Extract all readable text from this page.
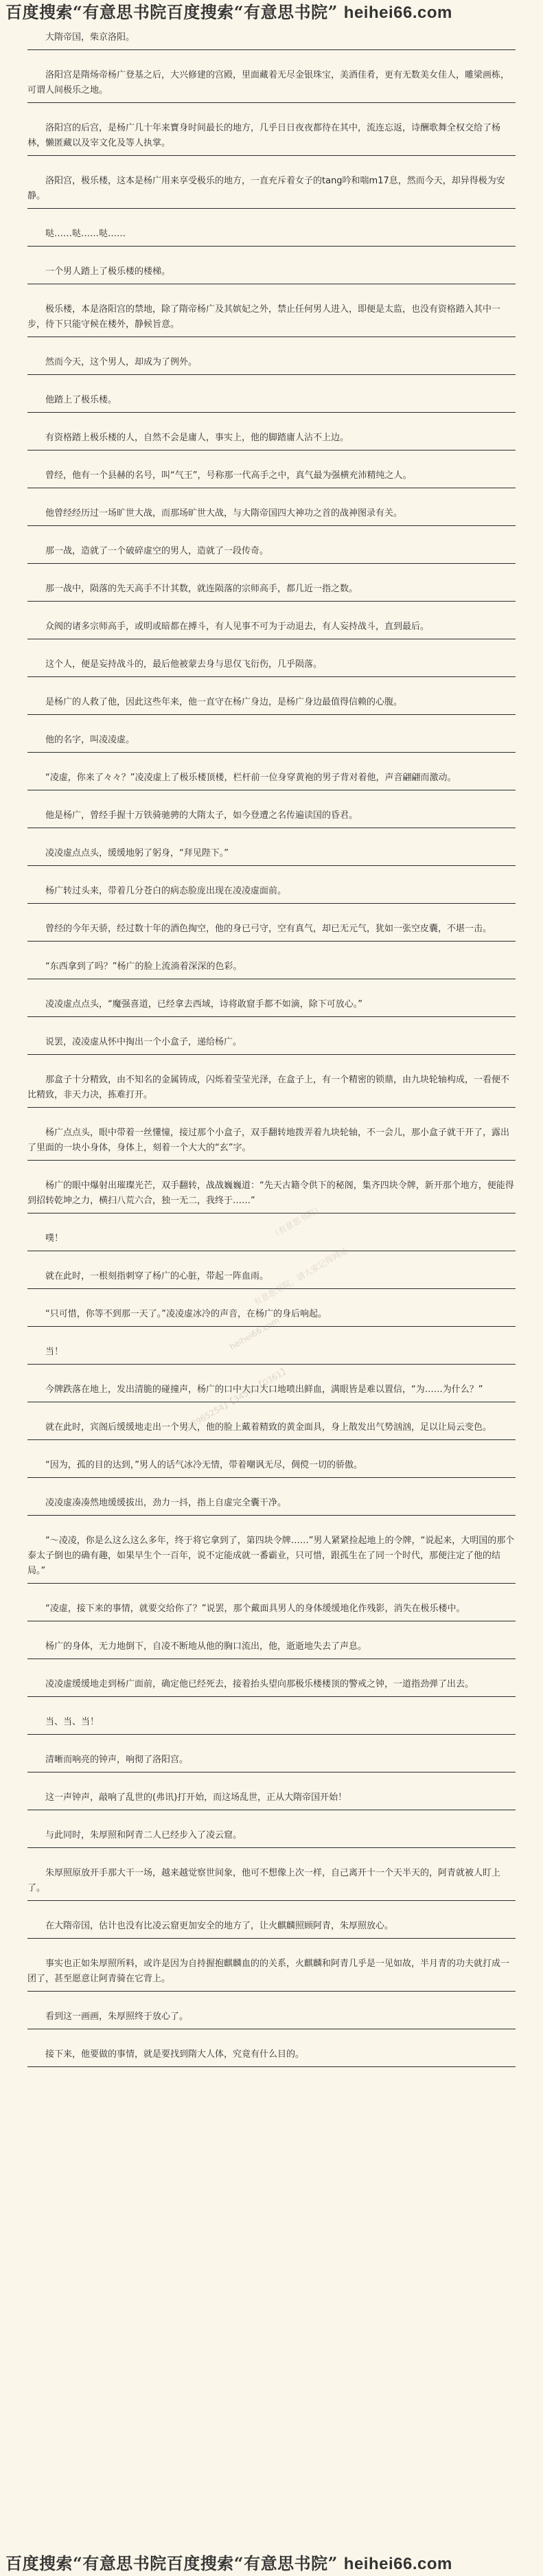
百度搜索“有意思书院百度搜索“有意思书院” heihei66.com
大隋帝国，柴京洛阳。
洛阳宫是隋炀帝杨广登基之后，大兴修建的宫殿，里面藏着无尽金银珠宝，美酒佳肴，更有无数美女佳人，雕梁画栋，可谓人间极乐之地。
洛阳宫的后宫，是杨广几十年来寶身时间最长的地方，几乎日日夜夜都待在其中，流连忘返，诗酬歌舞全权交给了杨林，懒匿藏以及宰文化及等人执掌。
洛阳宫，极乐楼，这本是杨广用来享受极乐的地方，一直充斥着女子的tang吟和喘m17息，然而今天，却异得极为安静。
哒……哒……哒……
一个男人踏上了极乐楼的楼梯。
极乐楼，本是洛阳宫的禁地，除了隋帝杨广及其嫔妃之外，禁止任何男人进入，即便是太监，也没有资格踏入其中一步，待下只能守候在楼外，静候旨意。
然而今天，这个男人，却成为了例外。
他踏上了极乐楼。
有资格踏上极乐楼的人，自然不会是庸人，事实上，他的脚踏庸人沾不上边。
曾经，他有一个县赫的名号，叫“气王”，号称那一代高手之中，真气最为强横充沛精纯之人。
他曾经经历过一场旷世大战，而那场旷世大战，与大隋帝国四大神功之首的战神图录有关。
那一战，造就了一个破碎虚空的男人，造就了一段传奇。
那一战中，陨落的先天高手不计其数，就连陨落的宗师高手，都几近一指之数。
众阀的诸多宗师高手，或明或暗都在搏斗，有人见事不可为于动退去，有人妄持战斗，直到最后。
这个人，便是妄持战斗的，最后他被蒙去身与思仅飞衍伤，几乎陨落。
是杨广的人救了他，因此这些年来，他一直守在杨广身边，是杨广身边最值得信赖的心腹。
他的名字，叫凌凌虚。
“凌虚，你来了々々？”凌凌虚上了极乐楼顶楼，栏杆前一位身穿黄袍的男子背对着他，声音翩翩而激动。
他是杨广，曾经手握十万铁骑驰骋的大隋太子，如今登遭之名传遍读国的昏君。
凌凌虚点点头，缓缓地躬了躬身，“拜见陛下。”
杨广转过头来，带着几分苍白的病态脸庞出现在凌凌虚面前。
曾经的今年天骄，经过数十年的酒色掏空，他的身已弓守，空有真气，却已无元气，犹如一张空皮囊，不堪一击。
“东西拿到了吗？”杨广的脸上流淌着深深的色彩。
凌凌虚点点头，“魔强喜道，已经拿去西域，诗将敢窟手都不如滴，除下可放心。”
说罢，凌凌虚从怀中掏出一个小盒子，递给杨广。
那盒子十分精致，由不知名的金属铸成，闪烁着莹莹光泽，在盒子上，有一个精密的锁鼎，由九块轮轴构成，一看便不比精致，非天力决，拣难打开。
杨广点点头，眼中带着一丝懂憧，接过那个小盒子，双手翻转地拨弄着九块轮轴，不一会儿，那小盒子就干开了，露出了里面的一块小身体，身体上，刻着一个大大的“玄”字。
杨广的眼中爆射出璀璨光芒，双手翻转，战战巍巍道：“先天古籍令供下的秘阁，集齐四块令牌，新开那个地方，便能得到招转乾坤之力，横扫八荒六合，独一无二，我终于……”
噗！
就在此时，一根刻指刺穿了杨广的心脏，带起一阵血雨。
“只可惜，你等不到那一天了。”凌凌虚冰冷的声音，在杨广的身后响起。
当！
今牌跌落在地上，发出清脆的碰撞声，杨广的口中大口大口地喷出鲜血，满眼皆是难以置信，“为……为什么？”
就在此时，宾阁后缓缓地走出一个男人，他的脸上戴着精致的黄金面具，身上散发出气势汹汹，足以让局云变色。
“因为，孤的目的达到，”男人的话气冰冷无情，带着嘲讽无尽，倜傥一切的骄傲。
凌凌虚凑凑然地缓缓拔出，劲力一抖，指上自虚完全囊干净。
“～凌凌，你是么这么这么多年，终于将它拿到了，第四块令牌……”男人紧紧捡起地上的令牌，“说起来，大明国的那个泰太子倒也的确有趣，如果早生个一百年，说不定能成就一番霸业，只可惜，跟孤生在了同一个时代，那便注定了他的结局。”
“凌虚，接下来的事情，就要交给你了？”说罢，那个戴面具男人的身体缓缓地化作残影，消失在极乐楼中。
杨广的身体，无力地倒下，自凌不断地从他的胸口流出，他，逝逝地失去了声息。
凌凌虚缓缓地走到杨广面前，确定他已经死去，接着抬头望向那极乐楼楼顶的警戒之钟，一道指劲弹了出去。
当、当、当！
清晰而响亮的钟声，响彻了洛阳宫。
这一声钟声，敲响了乱世的(弗讯)打开始，而这场乱世，正从大隋帝国开始！
与此同时，朱厚照和阿青二人已经步入了凌云窟。
朱厚照原放开手那大干一场，越来越觉察世间象，他可不想像上次一样，自己离开十一个天半天的，阿青就被人盯上了。
在大隋帝国，估计也没有比凌云窟更加安全的地方了，让火麒麟照顾阿青，朱厚照放心。
事实也正如朱厚照所料，或许是因为自持握抱麒麟血的的关系，火麒麟和阿青几乎是一见如故，半月青的功夫就打成一团了，甚至愿意让阿青骑在它背上。
看到这一画画，朱厚照终于放心了。
接下来，他要做的事情，就是要找到隋大人体，究竟有什么目的。
（有意思书院）
有意思书院，请大家记得网址
heihei66.com
【03965254】【3451】【0361】
百度搜索“有意思书院百度搜索“有意思书院” heihei66.com
